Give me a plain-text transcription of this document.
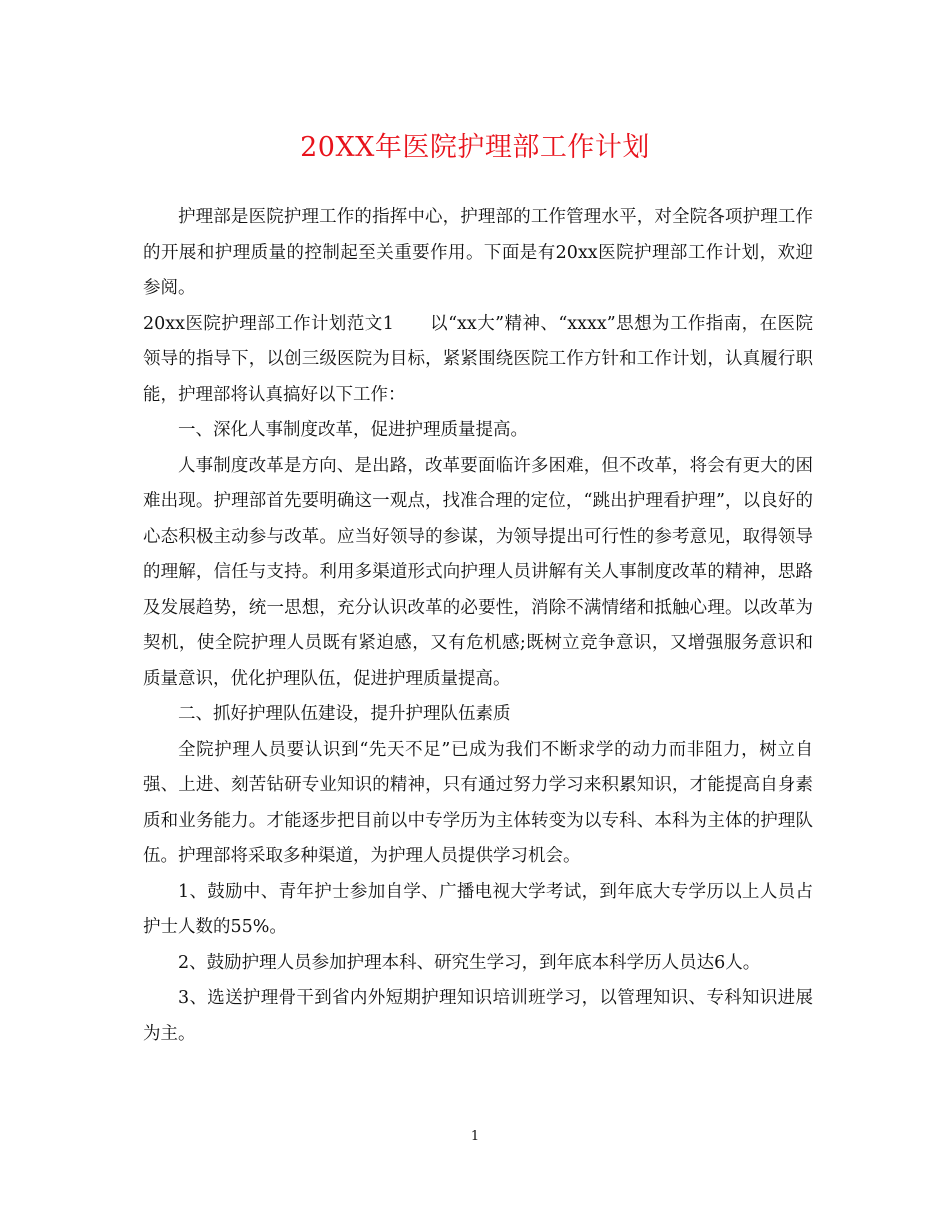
20XX年医院护理部工作计划

护理部是医院护理工作的指挥中心，护理部的工作管理水平，对全院各项护理工作的开展和护理质量的控制起至关重要作用。下面是有20xx医院护理部工作计划，欢迎参阅。

20xx医院护理部工作计划范文1　　以“xx大”精神、“xxxx”思想为工作指南，在医院领导的指导下，以创三级医院为目标，紧紧围绕医院工作方针和工作计划，认真履行职能，护理部将认真搞好以下工作：

一、深化人事制度改革，促进护理质量提高。

人事制度改革是方向、是出路，改革要面临许多困难，但不改革，将会有更大的困难出现。护理部首先要明确这一观点，找准合理的定位，“跳出护理看护理”，以良好的心态积极主动参与改革。应当好领导的参谋，为领导提出可行性的参考意见，取得领导的理解，信任与支持。利用多渠道形式向护理人员讲解有关人事制度改革的精神，思路及发展趋势，统一思想，充分认识改革的必要性，消除不满情绪和抵触心理。以改革为契机，使全院护理人员既有紧迫感，又有危机感;既树立竞争意识，又增强服务意识和质量意识，优化护理队伍，促进护理质量提高。

二、抓好护理队伍建设，提升护理队伍素质

全院护理人员要认识到“先天不足”已成为我们不断求学的动力而非阻力，树立自强、上进、刻苦钻研专业知识的精神，只有通过努力学习来积累知识，才能提高自身素质和业务能力。才能逐步把目前以中专学历为主体转变为以专科、本科为主体的护理队伍。护理部将采取多种渠道，为护理人员提供学习机会。

1、鼓励中、青年护士参加自学、广播电视大学考试，到年底大专学历以上人员占护士人数的55%。

2、鼓励护理人员参加护理本科、研究生学习，到年底本科学历人员达6人。

3、选送护理骨干到省内外短期护理知识培训班学习，以管理知识、专科知识进展为主。

1
